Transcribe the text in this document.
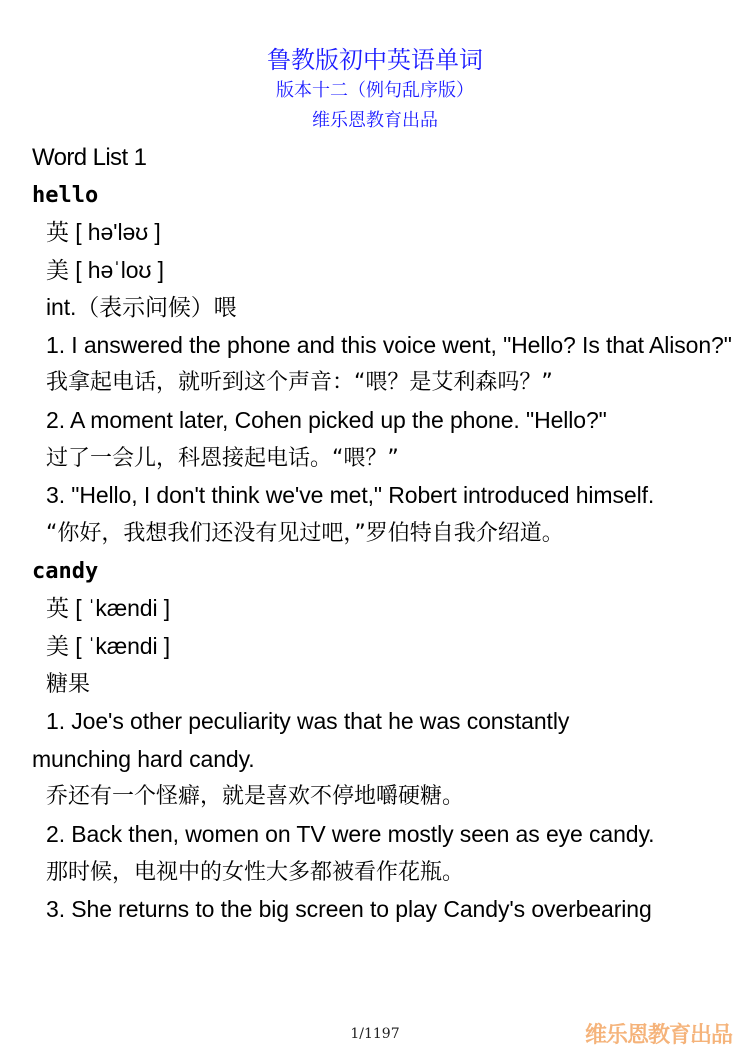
鲁教版初中英语单词
版本十二（例句乱序版）
维乐恩教育出品
Word List 1
hello
英 [ hə'ləʊ ]
美 [ həˈloʊ ]
int.（表示问候）喂
1. I answered the phone and this voice went, "Hello? Is that Alison?"
我拿起电话，就听到这个声音：“喂？是艾利森吗？”
2. A moment later, Cohen picked up the phone. "Hello?"
过了一会儿，科恩接起电话。“喂？”
3. "Hello, I don't think we've met," Robert introduced himself.
“你好，我想我们还没有见过吧，”罗伯特自我介绍道。
candy
英 [ ˈkændi ]
美 [ ˈkændi ]
糖果
1. Joe's other peculiarity was that he was constantly munching hard candy.
乔还有一个怪癖，就是喜欢不停地嚼硬糖。
2. Back then, women on TV were mostly seen as eye candy.
那时候，电视中的女性大多都被看作花瓶。
3. She returns to the big screen to play Candy's overbearing
1/1197	维乐恩教育出品
